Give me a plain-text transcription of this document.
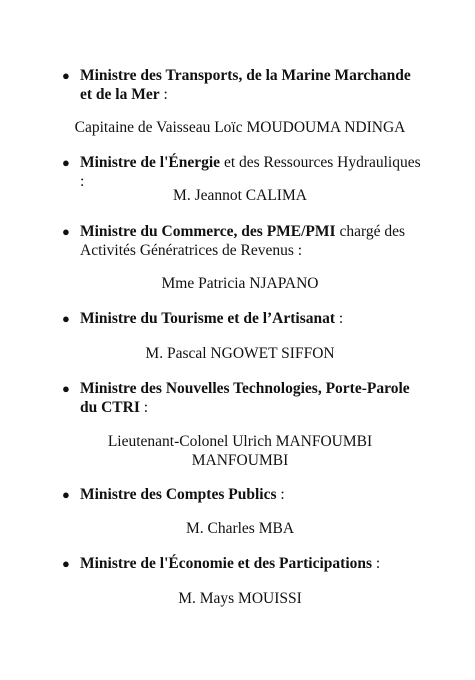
● Ministre des Transports, de la Marine Marchande et de la Mer :
Capitaine de Vaisseau Loïc MOUDOUMA NDINGA
● Ministre de l'Énergie et des Ressources Hydrauliques :
M. Jeannot CALIMA
● Ministre du Commerce, des PME/PMI chargé des Activités Génératrices de Revenus :
Mme Patricia NJAPANO
● Ministre du Tourisme et de l’Artisanat :
M. Pascal NGOWET SIFFON
● Ministre des Nouvelles Technologies, Porte-Parole du CTRI :
Lieutenant-Colonel Ulrich MANFOUMBI MANFOUMBI
● Ministre des Comptes Publics :
M. Charles MBA
● Ministre de l'Économie et des Participations :
M. Mays MOUISSI
